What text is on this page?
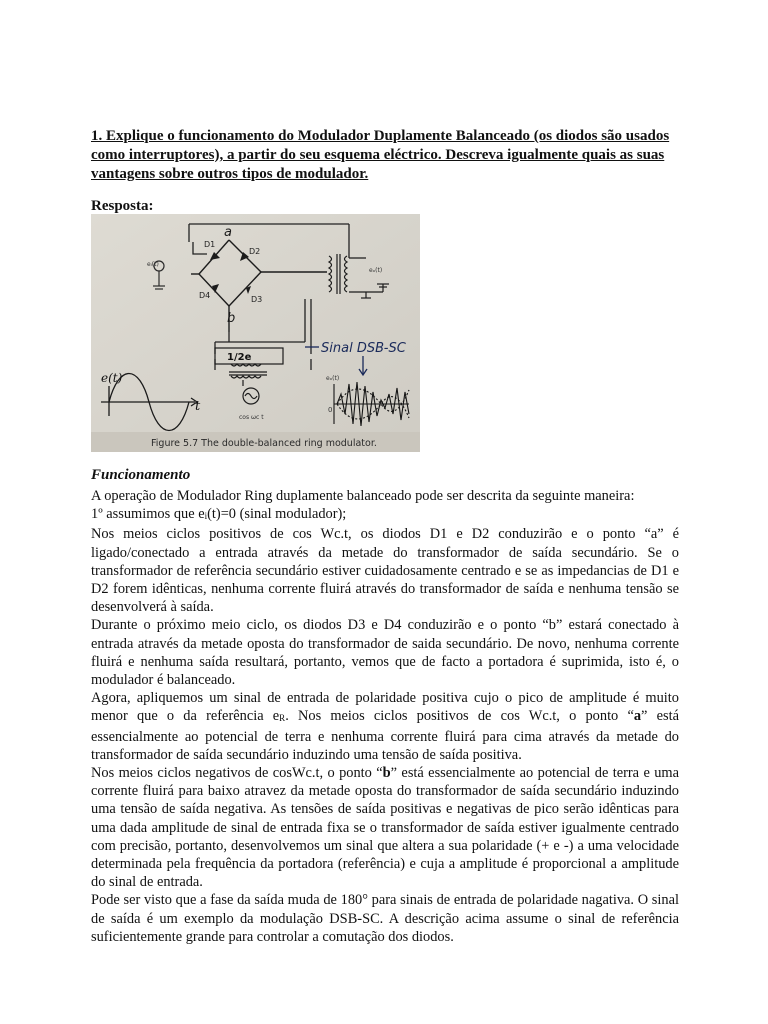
1. Explique o funcionamento do Modulador Duplamente Balanceado (os diodos são usados como interruptores), a partir do seu esquema eléctrico. Descreva igualmente quais as suas vantagens sobre outros tipos de modulador.
Resposta:
eᵢ(t)
a
b
D1
D2
D3
D4
eₒ(t)
1/2e
cos ωc t
e(t)
t
Sinal DSB-SC
eₒ(t)
0
Figure 5.7 The double-balanced ring modulator.
Funcionamento

A operação de Modulador Ring duplamente balanceado pode ser descrita da seguinte maneira:

1º assumimos que ei(t)=0 (sinal modulador);

Nos meios ciclos positivos de cos Wc.t, os diodos D1 e D2 conduzirão e o ponto “a” é ligado/conectado a entrada através da metade do transformador de saída secundário. Se o transformador de referência secundário estiver cuidadosamente centrado e se as impedancias de D1 e D2 forem idênticas, nenhuma corrente fluirá através do transformador de saída e nenhuma tensão se desenvolverá à saída.

Durante o próximo meio ciclo, os diodos D3 e D4 conduzirão e o ponto “b” estará conectado à entrada através da metade oposta do transformador de saida secundário. De novo, nenhuma corrente fluirá e nenhuma saída resultará, portanto, vemos que de facto a portadora é suprimida, isto é, o modulador é balanceado.

Agora, apliquemos um sinal de entrada de polaridade positiva cujo o pico de amplitude é muito menor que o da referência eR. Nos meios ciclos positivos de cos Wc.t, o ponto “a” está essencialmente ao potencial de terra e nenhuma corrente fluirá para cima através da metade do transformador de saída secundário induzindo uma tensão de saída positiva.

Nos meios ciclos negativos de cosWc.t, o ponto “b” está essencialmente ao potencial de terra e uma corrente fluirá para baixo atravez da metade oposta do transformador de saída secundário induzindo uma tensão de saída negativa. As tensões de saída positivas e negativas de pico serão idênticas para uma dada amplitude de sinal de entrada fixa se o transformador de saída estiver igualmente centrado com precisão, portanto, desenvolvemos um sinal que altera a sua polaridade (+ e -) a uma velocidade determinada pela frequência da portadora (referência) e cuja a amplitude é proporcional a amplitude do sinal de entrada.

Pode ser visto que a fase da saída muda de 180° para sinais de entrada de polaridade nagativa. O sinal de saída é um exemplo da modulação DSB-SC. A descrição acima assume o sinal de referência suficientemente grande para controlar a comutação dos diodos.
